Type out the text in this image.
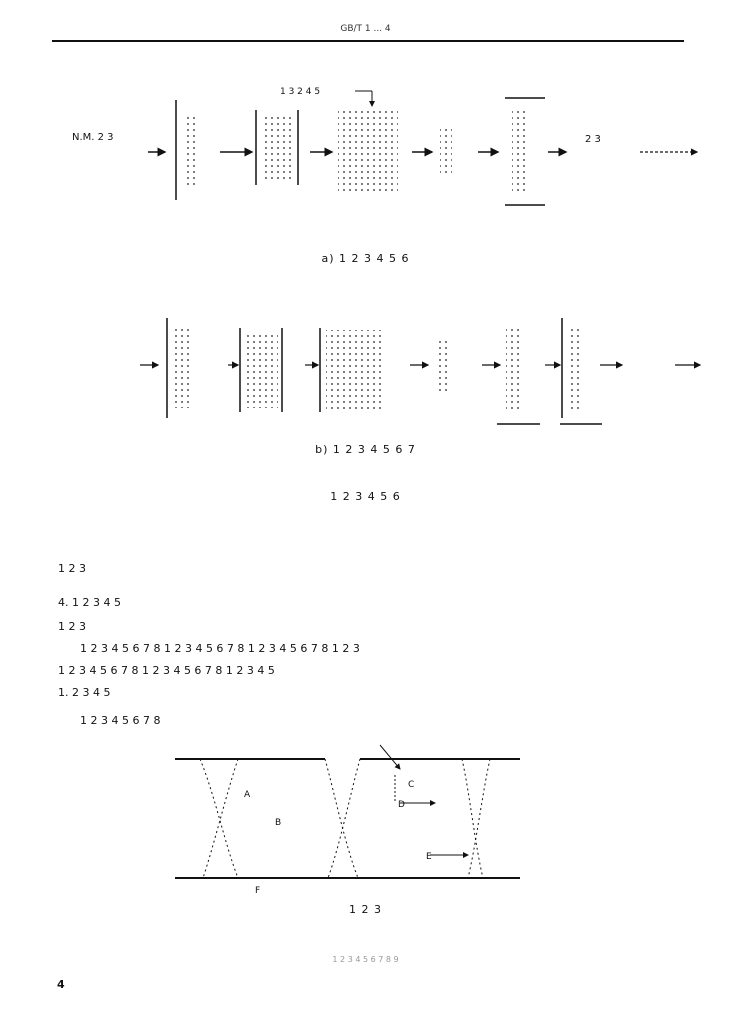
GB/T 1 ... 4
N.M. 2 3
1 3 2 4 5
2 3
a) 1 2 3 4 5 6
b) 1 2 3 4 5 6 7
1 2 3 4 5 6
1 2 3
4. 1 2 3 4 5
1 2 3
1 2 3 4 5 6 7 8 1 2 3 4 5 6 7 8 1 2 3 4 5 6 7 8 1 2 3
1 2 3 4 5 6 7 8 1 2 3 4 5 6 7 8 1 2 3 4 5
1. 2 3 4 5
1 2 3 4 5 6 7 8
A
B
C
D
E
F
1 2 3
1 2 3 4 5 6 7 8 9
4
